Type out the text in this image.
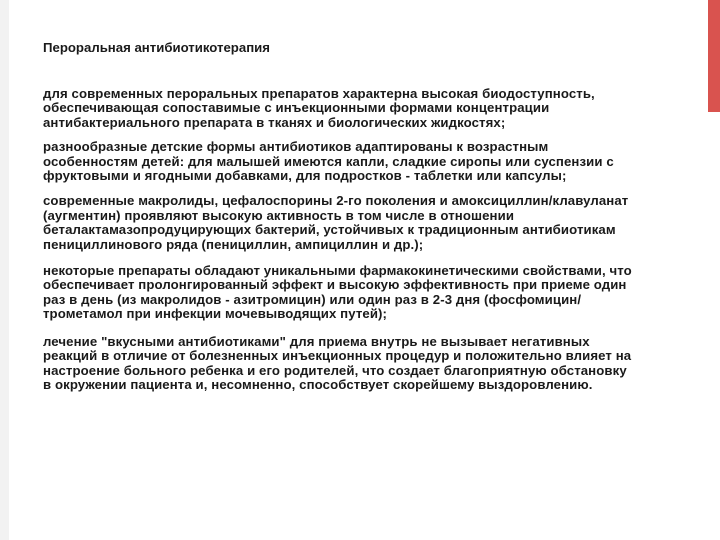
Пероральная антибиотикотерапия

для современных пероральных препаратов характерна высокая биодоступность, обеспечивающая сопоставимые с инъекционными формами концентрации антибактериального препарата в тканях и биологических жидкостях;

разнообразные детские формы антибиотиков адаптированы к возрастным особенностям детей: для малышей имеются капли, сладкие сиропы или суспензии с фруктовыми и ягодными добавками, для подростков - таблетки или капсулы;

современные макролиды, цефалоспорины 2-го поколения и амоксициллин/клавуланат (аугментин) проявляют высокую активность в том числе в отношении беталактамазопродуцирующих бактерий, устойчивых к традиционным антибиотикам пенициллинового ряда (пенициллин, ампициллин и др.);

некоторые препараты обладают уникальными фармакокинетическими свойствами, что обеспечивает пролонгированный эффект и высокую эффективность при приеме один раз в день (из макролидов - азитромицин) или один раз в 2-3 дня (фосфомицин/трометамол при инфекции мочевыводящих путей);

лечение "вкусными антибиотиками" для приема внутрь не вызывает негативных реакций в отличие от болезненных инъекционных процедур и положительно влияет на настроение больного ребенка и его родителей, что создает благоприятную обстановку в окружении пациента и, несомненно, способствует скорейшему выздоровлению.
